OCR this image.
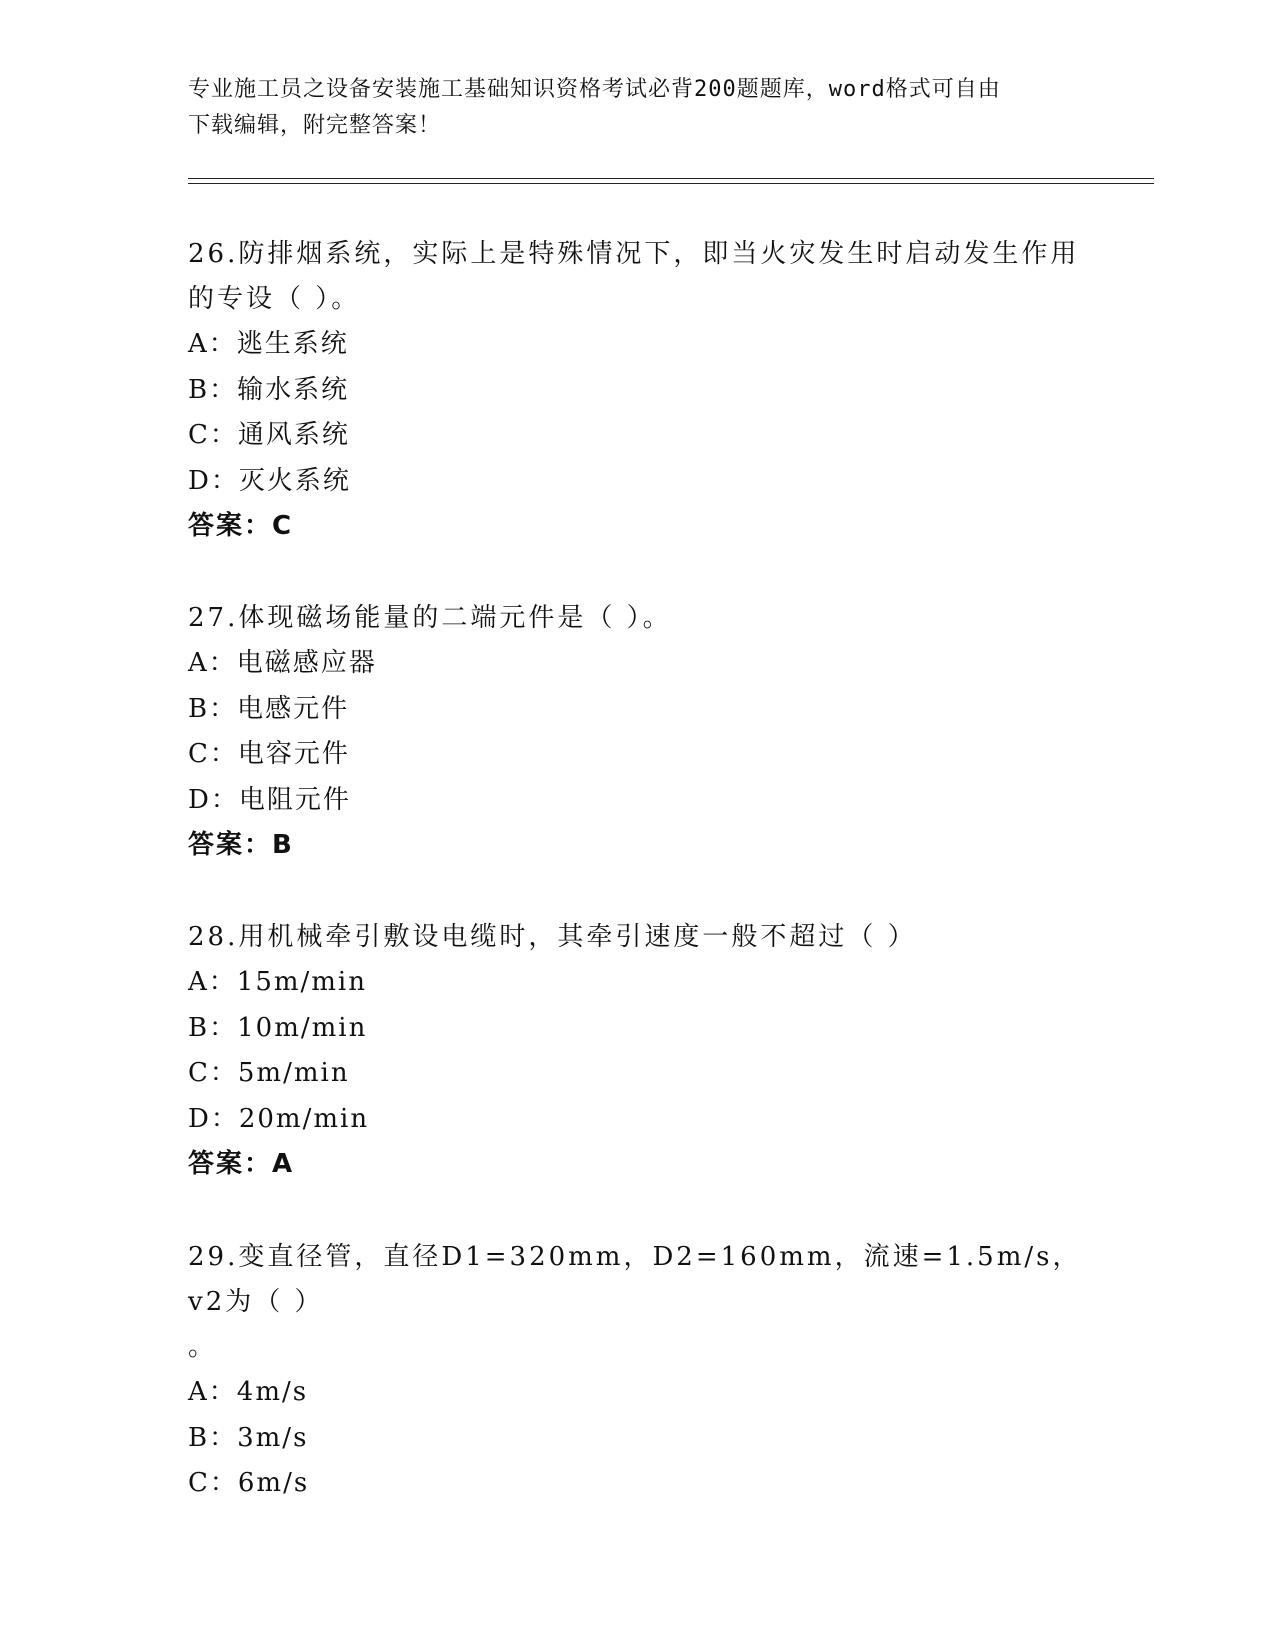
专业施工员之设备安装施工基础知识资格考试必背200题题库，word格式可自由
下载编辑，附完整答案！
26.防排烟系统，实际上是特殊情况下，即当火灾发生时启动发生作用
的专设（ ）。
A：逃生系统
B：输水系统
C：通风系统
D：灭火系统
答案：C
27.体现磁场能量的二端元件是（ ）。
A：电磁感应器
B：电感元件
C：电容元件
D：电阻元件
答案：B
28.用机械牵引敷设电缆时，其牵引速度一般不超过（ ）
A：15m/min
B：10m/min
C：5m/min
D：20m/min
答案：A
29.变直径管，直径D1=320mm，D2=160mm，流速=1.5m/s，v2为（ ）
。
A：4m/s
B：3m/s
C：6m/s
